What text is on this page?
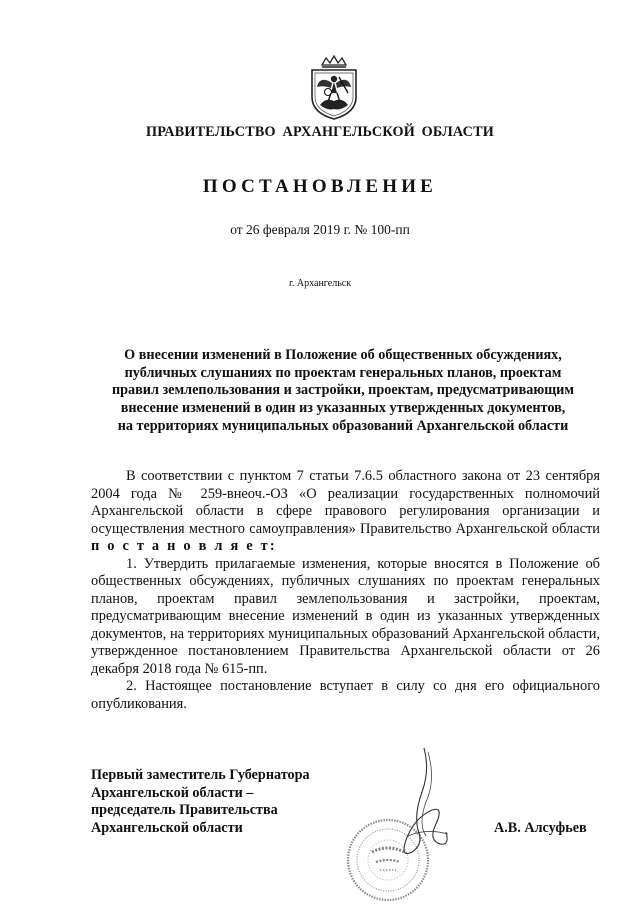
ПРАВИТЕЛЬСТВО АРХАНГЕЛЬСКОЙ ОБЛАСТИ
ПОСТАНОВЛЕНИЕ
от 26 февраля 2019 г. № 100-пп
г. Архангельск
О внесении изменений в Положение об общественных обсуждениях,
публичных слушаниях по проектам генеральных планов, проектам
правил землепользования и застройки, проектам, предусматривающим
внесение изменений в один из указанных утвержденных документов,
на территориях муниципальных образований Архангельской области

В соответствии с пунктом 7 статьи 7.6.5 областного закона от 23 сентября 2004 года № 259-внеоч.-ОЗ «О реализации государственных полномочий Архангельской области в сфере правового регулирования организации и осуществления местного самоуправления» Правительство Архангельской области п о с т а н о в л я е т:

1. Утвердить прилагаемые изменения, которые вносятся в Положение об общественных обсуждениях, публичных слушаниях по проектам генеральных планов, проектам правил землепользования и застройки, проектам, предусматривающим внесение изменений в один из указанных утвержденных документов, на территориях муниципальных образований Архангельской области, утвержденное постановлением Правительства Архангельской области от 26 декабря 2018 года № 615-пп.

2. Настоящее постановление вступает в силу со дня его официального опубликования.

Первый заместитель Губернатора
Архангельской области –
председатель Правительства
Архангельской области	А.В. Алсуфьев
